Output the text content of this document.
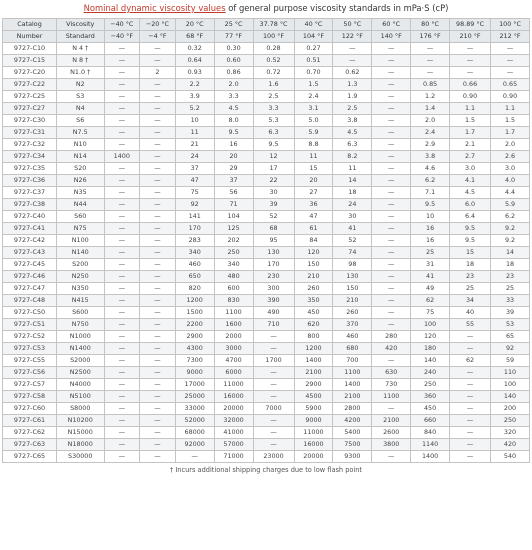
Nominal dynamic viscosity values of general purpose viscosity standards in mPa·S (cP)
Catalog	Viscosity	−40 °C	−20 °C	20 °C	25 °C	37.78 °C	40 °C	50 °C	60 °C	80 °C	98.89 °C	100 °C
Number	Standard	−40 °F	−4 °F	68 °F	77 °F	100 °F	104 °F	122 °F	140 °F	176 °F	210 °F	212 °F
9727-C10	N 4 †	—	—	0.32	0.30	0.28	0.27	—	—	—	—	—
9727-C15	N 8 †	—	—	0.64	0.60	0.52	0.51	—	—	—	—	—
9727-C20	N1.0 †	—	2	0.93	0.86	0.72	0.70	0.62	—	—	—	—
9727-C22	N2	—	—	2.2	2.0	1.6	1.5	1.3	—	0.85	0.66	0.65
9727-C25	S3	—	—	3.9	3.3	2.5	2.4	1.9	—	1.2	0.90	0.90
9727-C27	N4	—	—	5.2	4.5	3.3	3.1	2.5	—	1.4	1.1	1.1
9727-C30	S6	—	—	10	8.0	5.3	5.0	3.8	—	2.0	1.5	1.5
9727-C31	N7.5	—	—	11	9.5	6.3	5.9	4.5	—	2.4	1.7	1.7
9727-C32	N10	—	—	21	16	9.5	8.8	6.3	—	2.9	2.1	2.0
9727-C34	N14	1400	—	24	20	12	11	8.2	—	3.8	2.7	2.6
9727-C35	S20	—	—	37	29	17	15	11	—	4.6	3.0	3.0
9727-C36	N26	—	—	47	37	22	20	14	—	6.2	4.1	4.0
9727-C37	N35	—	—	75	56	30	27	18	—	7.1	4.5	4.4
9727-C38	N44	—	—	92	71	39	36	24	—	9.5	6.0	5.9
9727-C40	S60	—	—	141	104	52	47	30	—	10	6.4	6.2
9727-C41	N75	—	—	170	125	68	61	41	—	16	9.5	9.2
9727-C42	N100	—	—	283	202	95	84	52	—	16	9.5	9.2
9727-C43	N140	—	—	340	250	130	120	74	—	25	15	14
9727-C45	S200	—	—	460	340	170	150	98	—	31	18	18
9727-C46	N250	—	—	650	480	230	210	130	—	41	23	23
9727-C47	N350	—	—	820	600	300	260	150	—	49	25	25
9727-C48	N415	—	—	1200	830	390	350	210	—	62	34	33
9727-C50	S600	—	—	1500	1100	490	450	260	—	75	40	39
9727-C51	N750	—	—	2200	1600	710	620	370	—	100	55	53
9727-C52	N1000	—	—	2900	2000	—	800	460	280	120	—	65
9727-C53	N1400	—	—	4300	3000	—	1200	680	420	180	—	92
9727-C55	S2000	—	—	7300	4700	1700	1400	700	—	140	62	59
9727-C56	N2500	—	—	9000	6000	—	2100	1100	630	240	—	110
9727-C57	N4000	—	—	17000	11000	—	2900	1400	730	250	—	100
9727-C58	N5100	—	—	25000	16000	—	4500	2100	1100	360	—	140
9727-C60	S8000	—	—	33000	20000	7000	5900	2800	—	450	—	200
9727-C61	N10200	—	—	52000	32000	—	9000	4200	2100	660	—	250
9727-C62	N15000	—	—	68000	41000	—	11000	5400	2600	840	—	320
9727-C63	N18000	—	—	92000	57000	—	16000	7500	3800	1140	—	420
9727-C65	S30000	—	—	—	71000	23000	20000	9300	—	1400	—	540
† Incurs additional shipping charges due to low flash point
